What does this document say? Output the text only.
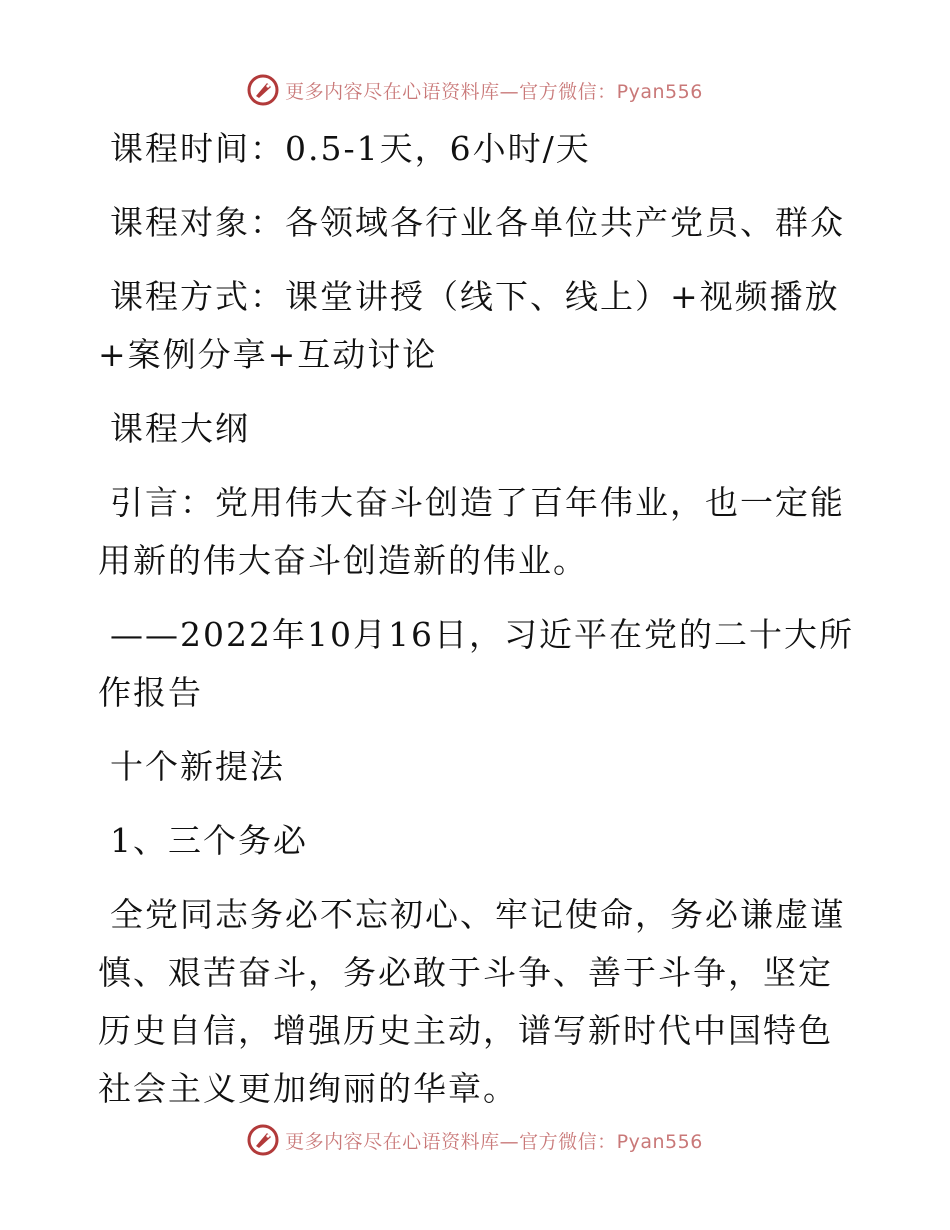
更多内容尽在心语资料库—官方微信：Pyan556

课程时间：0.5-1天，6小时/天

课程对象：各领域各行业各单位共产党员、群众

课程方式：课堂讲授（线下、线上）+视频播放+案例分享+互动讨论

课程大纲

引言：党用伟大奋斗创造了百年伟业，也一定能用新的伟大奋斗创造新的伟业。

——2022年10月16日，习近平在党的二十大所作报告

十个新提法

1、三个务必

全党同志务必不忘初心、牢记使命，务必谦虚谨慎、艰苦奋斗，务必敢于斗争、善于斗争，坚定历史自信，增强历史主动，谱写新时代中国特色社会主义更加绚丽的华章。

更多内容尽在心语资料库—官方微信：Pyan556
